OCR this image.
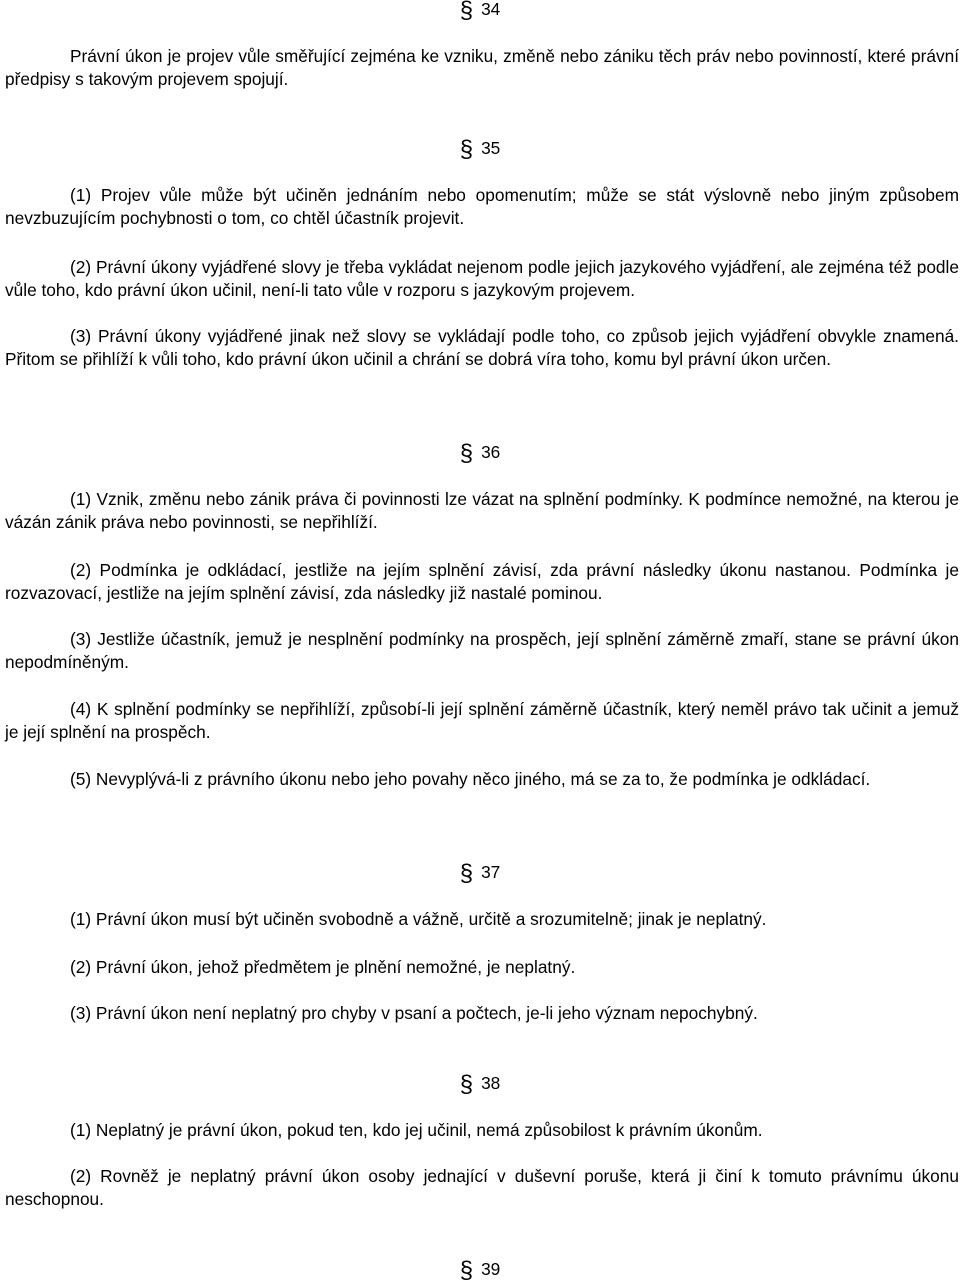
§ 34

Právní úkon je projev vůle směřující zejména ke vzniku, změně nebo zániku těch práv nebo povinností, které právní předpisy s takovým projevem spojují.

§ 35

(1) Projev vůle může být učiněn jednáním nebo opomenutím; může se stát výslovně nebo jiným způsobem nevzbuzujícím pochybnosti o tom, co chtěl účastník projevit.

(2) Právní úkony vyjádřené slovy je třeba vykládat nejenom podle jejich jazykového vyjádření, ale zejména též podle vůle toho, kdo právní úkon učinil, není-li tato vůle v rozporu s jazykovým projevem.

(3) Právní úkony vyjádřené jinak než slovy se vykládají podle toho, co způsob jejich vyjádření obvykle znamená. Přitom se přihlíží k vůli toho, kdo právní úkon učinil a chrání se dobrá víra toho, komu byl právní úkon určen.

§ 36

(1) Vznik, změnu nebo zánik práva či povinnosti lze vázat na splnění podmínky. K podmínce nemožné, na kterou je vázán zánik práva nebo povinnosti, se nepřihlíží.

(2) Podmínka je odkládací, jestliže na jejím splnění závisí, zda právní následky úkonu nastanou. Podmínka je rozvazovací, jestliže na jejím splnění závisí, zda následky již nastalé pominou.

(3) Jestliže účastník, jemuž je nesplnění podmínky na prospěch, její splnění záměrně zmaří, stane se právní úkon nepodmíněným.

(4) K splnění podmínky se nepřihlíží, způsobí-li její splnění záměrně účastník, který neměl právo tak učinit a jemuž je její splnění na prospěch.

(5) Nevyplývá-li z právního úkonu nebo jeho povahy něco jiného, má se za to, že podmínka je odkládací.

§ 37

(1) Právní úkon musí být učiněn svobodně a vážně, určitě a srozumitelně; jinak je neplatný.

(2) Právní úkon, jehož předmětem je plnění nemožné, je neplatný.

(3) Právní úkon není neplatný pro chyby v psaní a počtech, je-li jeho význam nepochybný.

§ 38

(1) Neplatný je právní úkon, pokud ten, kdo jej učinil, nemá způsobilost k právním úkonům.

(2) Rovněž je neplatný právní úkon osoby jednající v duševní poruše, která ji činí k tomuto právnímu úkonu neschopnou.

§ 39
